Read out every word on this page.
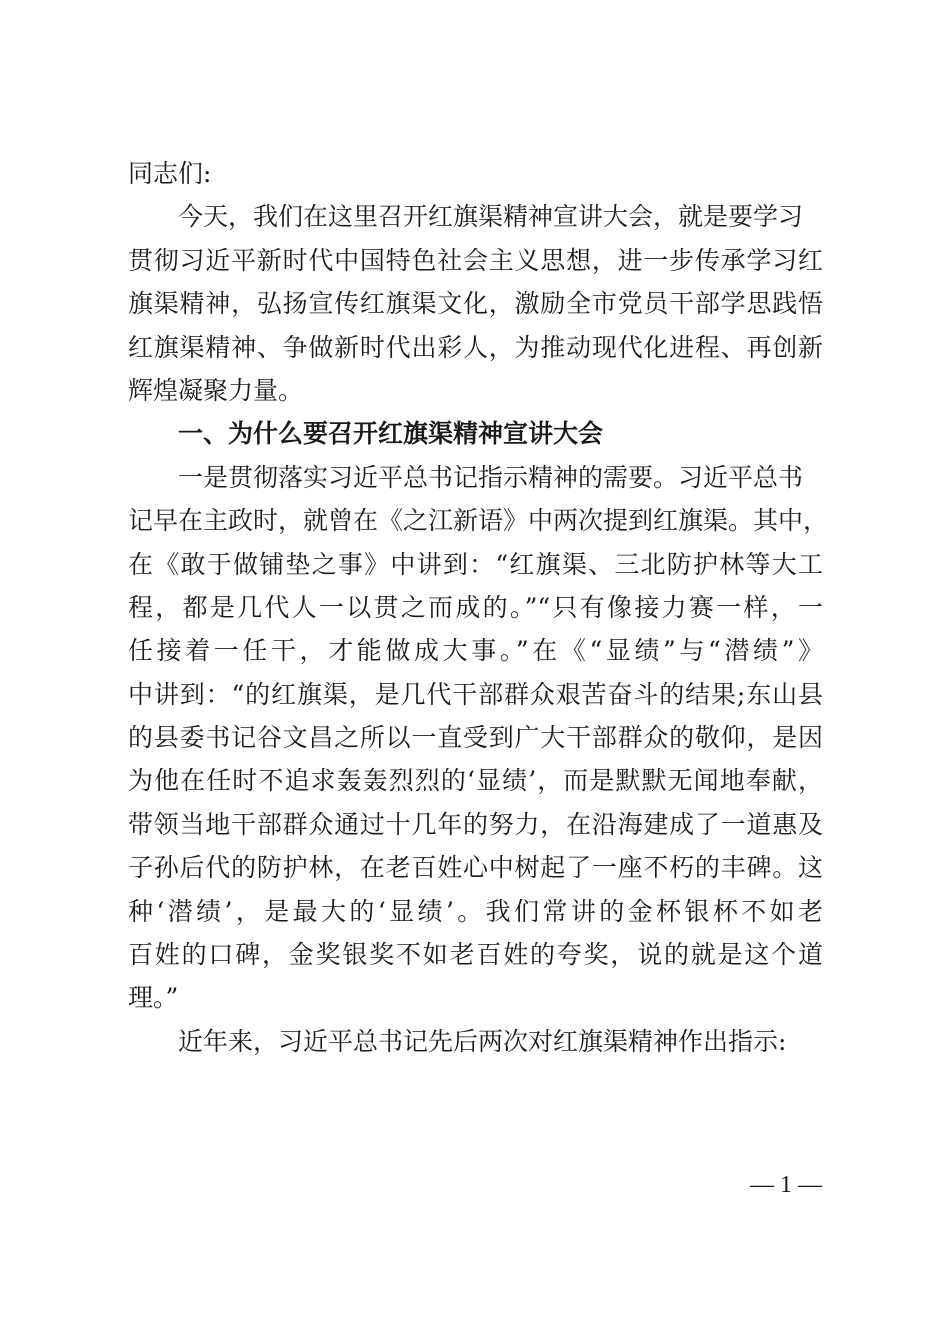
同志们:
今天，我们在这里召开红旗渠精神宣讲大会，就是要学习
贯彻习近平新时代中国特色社会主义思想，进一步传承学习红
旗渠精神，弘扬宣传红旗渠文化，激励全市党员干部学思践悟
红旗渠精神、争做新时代出彩人，为推动现代化进程、再创新
辉煌凝聚力量。
一、为什么要召开红旗渠精神宣讲大会
一是贯彻落实习近平总书记指示精神的需要。习近平总书
记早在主政时，就曾在《之江新语》中两次提到红旗渠。其中，
在《敢于做铺垫之事》中讲到：“红旗渠、三北防护林等大工
程，都是几代人一以贯之而成的。”“只有像接力赛一样，一
任接着一任干，才能做成大事。”在《“显绩”与“潜绩”》
中讲到：“的红旗渠，是几代干部群众艰苦奋斗的结果;东山县
的县委书记谷文昌之所以一直受到广大干部群众的敬仰，是因
为他在任时不追求轰轰烈烈的‘显绩’，而是默默无闻地奉献，
带领当地干部群众通过十几年的努力，在沿海建成了一道惠及
子孙后代的防护林，在老百姓心中树起了一座不朽的丰碑。这
种‘潜绩’，是最大的‘显绩’。我们常讲的金杯银杯不如老
百姓的口碑，金奖银奖不如老百姓的夸奖，说的就是这个道
理。”
近年来，习近平总书记先后两次对红旗渠精神作出指示:
— 1 —
